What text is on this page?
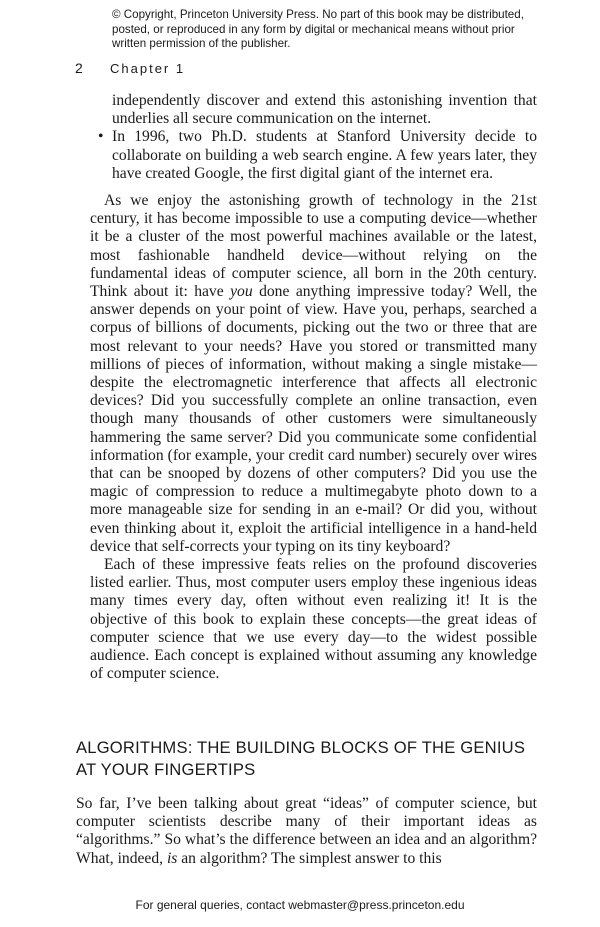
© Copyright, Princeton University Press. No part of this book may be distributed, posted, or reproduced in any form by digital or mechanical means without prior written permission of the publisher.
2 Chapter 1
independently discover and extend this astonishing invention that underlies all secure communication on the internet.
• In 1996, two Ph.D. students at Stanford University decide to collaborate on building a web search engine. A few years later, they have created Google, the first digital giant of the internet era.

As we enjoy the astonishing growth of technology in the 21st century, it has become impossible to use a computing device—whether it be a cluster of the most powerful machines available or the latest, most fashionable handheld device—without relying on the fundamental ideas of computer science, all born in the 20th century. Think about it: have you done anything impressive today? Well, the answer depends on your point of view. Have you, perhaps, searched a corpus of billions of documents, picking out the two or three that are most relevant to your needs? Have you stored or transmitted many millions of pieces of information, without making a single mistake—despite the electromagnetic interference that affects all electronic devices? Did you successfully complete an online transaction, even though many thousands of other customers were simultaneously hammering the same server? Did you communicate some confidential information (for example, your credit card number) securely over wires that can be snooped by dozens of other computers? Did you use the magic of compression to reduce a multimegabyte photo down to a more manageable size for sending in an e-mail? Or did you, without even thinking about it, exploit the artificial intelligence in a hand-held device that self-corrects your typing on its tiny keyboard?

Each of these impressive feats relies on the profound discoveries listed earlier. Thus, most computer users employ these ingenious ideas many times every day, often without even realizing it! It is the objective of this book to explain these concepts—the great ideas of computer science that we use every day—to the widest possible audience. Each concept is explained without assuming any knowledge of computer science.

ALGORITHMS: THE BUILDING BLOCKS OF THE GENIUS AT YOUR FINGERTIPS

So far, I’ve been talking about great “ideas” of computer science, but computer scientists describe many of their important ideas as “algorithms.” So what’s the difference between an idea and an algorithm? What, indeed, is an algorithm? The simplest answer to this

For general queries, contact webmaster@press.princeton.edu
